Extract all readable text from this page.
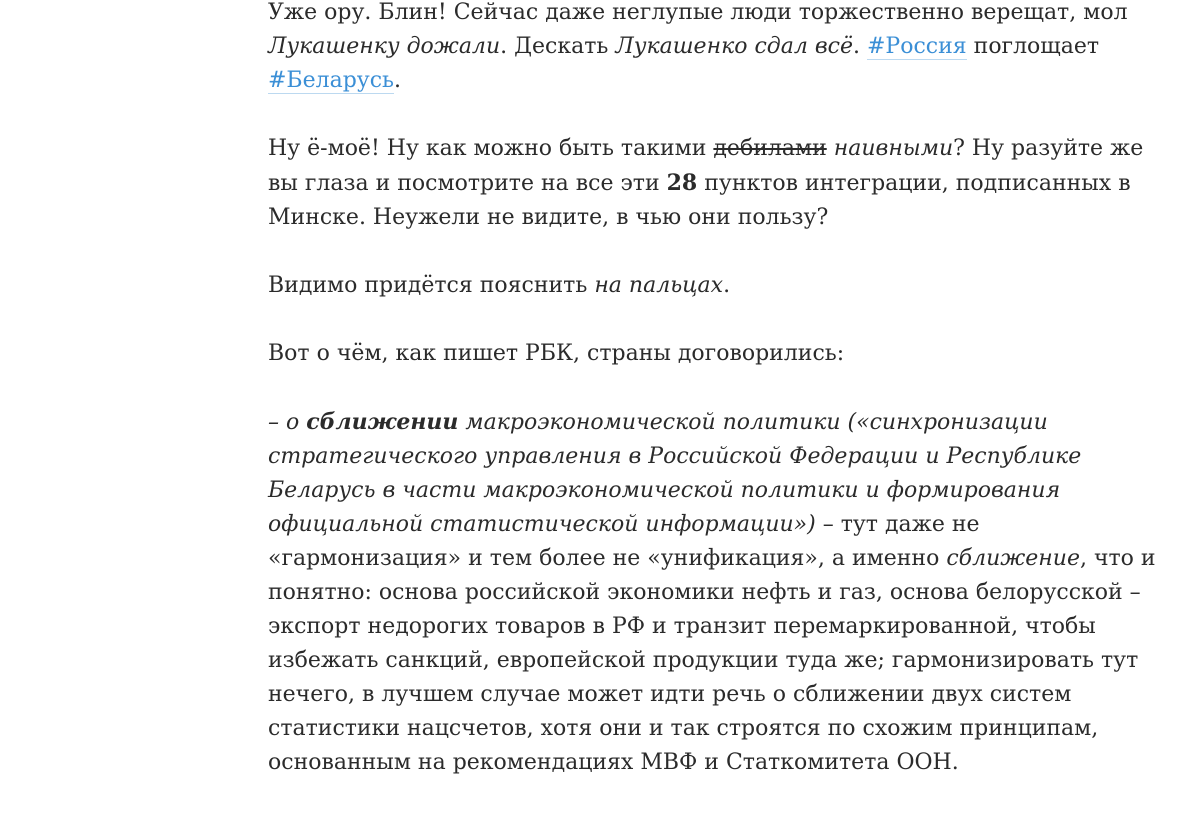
Уже ору. Блин! Сейчас даже неглупые люди торжественно верещат, мол Лукашенку дожали. Дескать Лукашенко сдал всё. #Россия поглощает #Беларусь.

Ну ё-моё! Ну как можно быть такими дебилами наивными? Ну разуйте же вы глаза и посмотрите на все эти 28 пунктов интеграции, подписанных в Минске. Неужели не видите, в чью они пользу?

Видимо придётся пояснить на пальцах.

Вот о чём, как пишет РБК, страны договорились:

– о сближении макроэкономической политики («синхронизации стратегического управления в Российской Федерации и Республике Беларусь в части макроэкономической политики и формирования официальной статистической информации») – тут даже не «гармонизация» и тем более не «унификация», а именно сближение, что и понятно: основа российской экономики нефть и газ, основа белорусской – экспорт недорогих товаров в РФ и транзит перемаркированной, чтобы избежать санкций, европейской продукции туда же; гармонизировать тут нечего, в лучшем случае может идти речь о сближении двух систем статистики нацсчетов, хотя они и так строятся по схожим принципам, основанным на рекомендациях МВФ и Статкомитета ООН.
